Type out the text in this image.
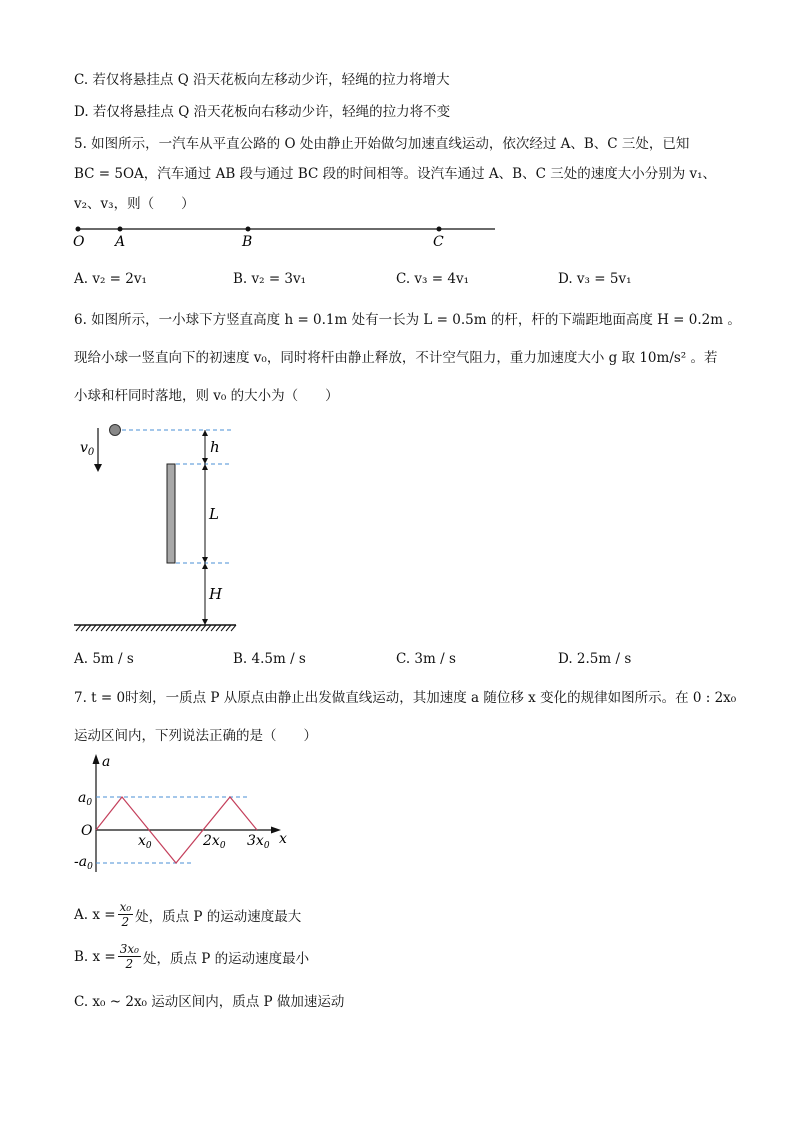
C. 若仅将悬挂点 Q 沿天花板向左移动少许，轻绳的拉力将增大
D. 若仅将悬挂点 Q 沿天花板向右移动少许，轻绳的拉力将不变
5. 如图所示，一汽车从平直公路的 O 处由静止开始做匀加速直线运动，依次经过 A、B、C 三处，已知
BC = 5OA，汽车通过 AB 段与通过 BC 段的时间相等。设汽车通过 A、B、C 三处的速度大小分别为 v₁、
v₂、v₃，则（　　）
O A	B	C
A. v₂ = 2v₁	B. v₂ = 3v₁	C. v₃ = 4v₁	D. v₃ = 5v₁
6. 如图所示，一小球下方竖直高度 h = 0.1m 处有一长为 L = 0.5m 的杆，杆的下端距地面高度 H = 0.2m 。
现给小球一竖直向下的初速度 v₀，同时将杆由静止释放，不计空气阻力，重力加速度大小 g 取 10m/s² 。若
小球和杆同时落地，则 v₀ 的大小为（　　）
$v_0$	h
L
H
A. 5m / s	B. 4.5m / s	C. 3m / s	D. 2.5m / s
7. t = 0时刻，一质点 P 从原点由静止出发做直线运动，其加速度 a 随位移 x 变化的规律如图所示。在 0 : 2x₀
运动区间内，下列说法正确的是（　　）
a
x
$a_0$
$-a_0$
O
$x_0$	$2x_0$ $3x_0$
A. $x = \frac{\text{x₀}}{2}$ 处，质点 P 的运动速度最大
B. $x = \frac{\text{3x₀}}{2}$ 处，质点 P 的运动速度最小
C. x₀ ~ 2x₀ 运动区间内，质点 P 做加速运动
